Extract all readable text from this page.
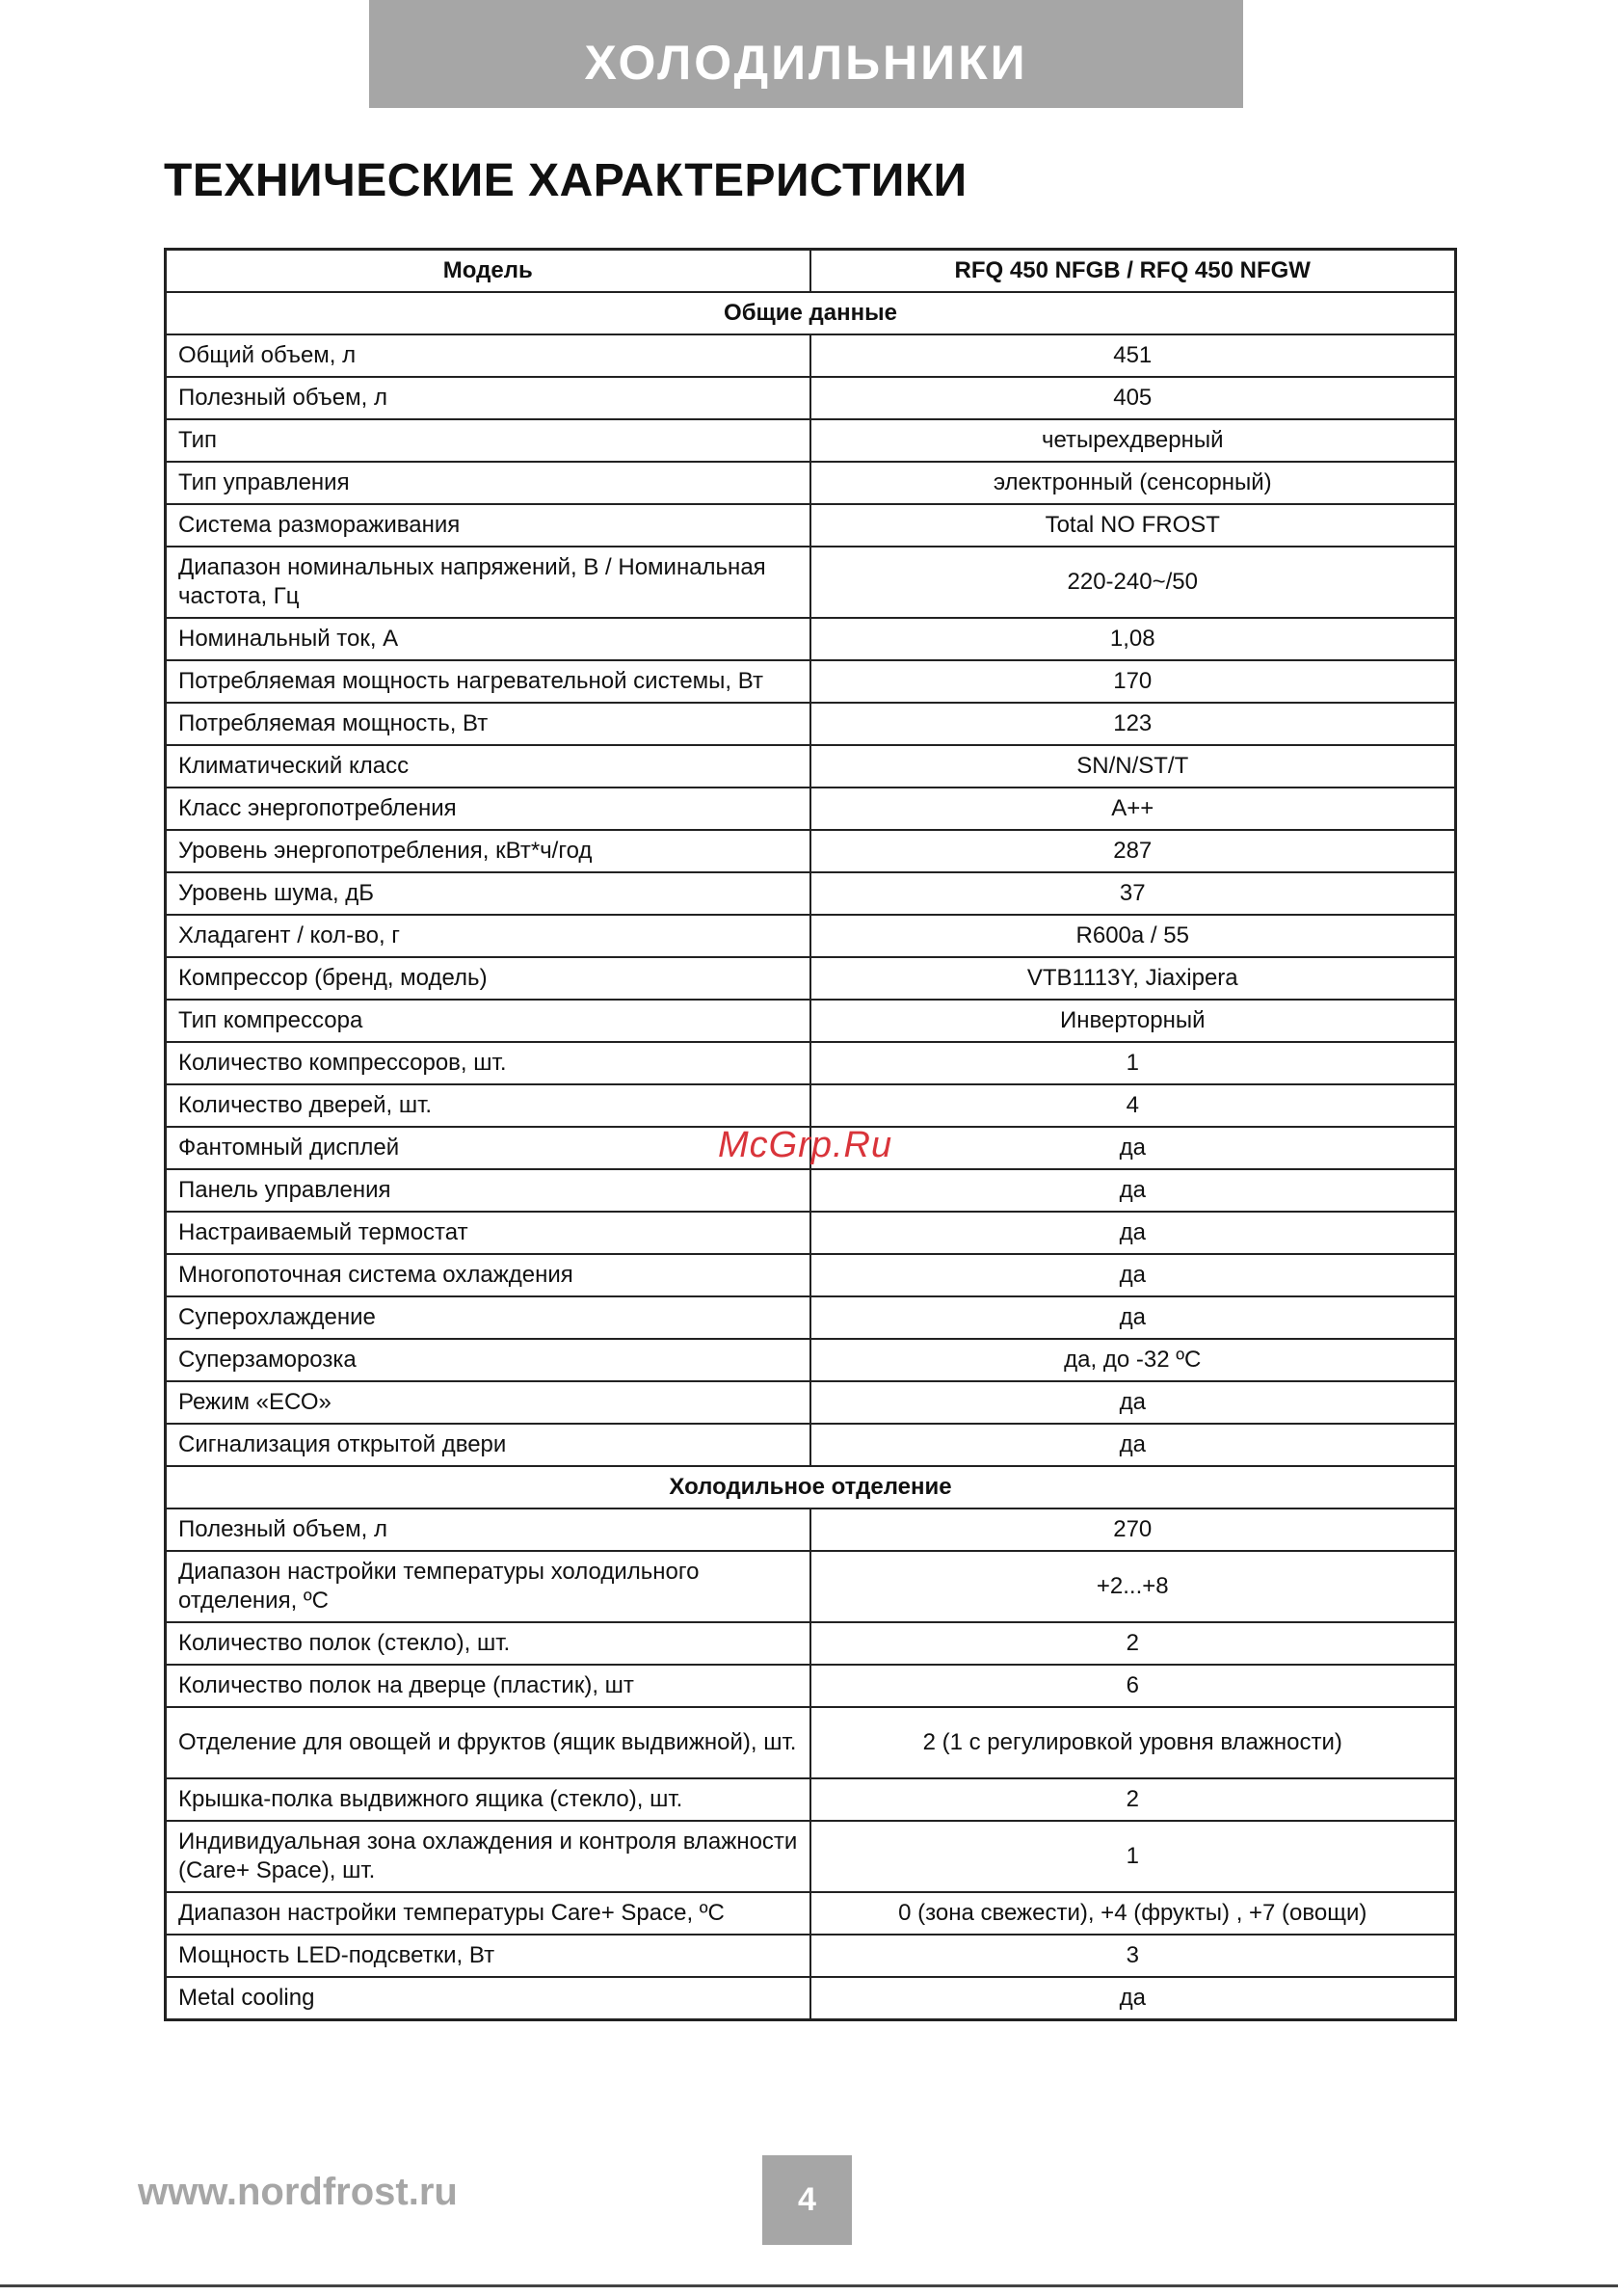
ХОЛОДИЛЬНИКИ
ТЕХНИЧЕСКИЕ ХАРАКТЕРИСТИКИ
Модель	RFQ 450 NFGB / RFQ 450 NFGW
Общие данные	
Общий объем, л	451
Полезный объем, л	405
Тип	четырехдверный
Тип управления	электронный (сенсорный)
Система размораживания	Total NO FROST
Диапазон номинальных напряжений, В / Номинальная частота, Гц	220-240~/50
Номинальный ток, А	1,08
Потребляемая мощность нагревательной системы, Вт	170
Потребляемая мощность, Вт	123
Климатический класс	SN/N/ST/T
Класс энергопотребления	A++
Уровень энергопотребления, кВт*ч/год	287
Уровень шума, дБ	37
Хладагент / кол-во, г	R600a / 55
Компрессор (бренд, модель)	VTB1113Y, Jiaxipera
Тип компрессора	Инверторный
Количество компрессоров, шт.	1
Количество дверей, шт.	4
Фантомный дисплей	да
Панель управления	да
Настраиваемый термостат	да
Многопоточная система охлаждения	да
Суперохлаждение	да
Суперзаморозка	да, до -32 ºС
Режим «ЕСО»	да
Сигнализация открытой двери	да
Холодильное отделение	
Полезный объем, л	270
Диапазон настройки температуры холодильного отделения, ºС	+2...+8
Количество полок (стекло), шт.	2
Количество полок на дверце (пластик), шт	6
Отделение для овощей и фруктов (ящик выдвижной), шт.	2 (1 с регулировкой уровня влажности)
Крышка-полка выдвижного ящика (стекло), шт.	2
Индивидуальная зона охлаждения и контроля влажности (Care+ Space), шт.	1
Диапазон настройки температуры Care+ Space, ºС	0 (зона свежести), +4 (фрукты) , +7 (овощи)
Мощность LED-подсветки, Вт	3
Metal cooling	да
McGrp.Ru
www.nordfrost.ru	4
